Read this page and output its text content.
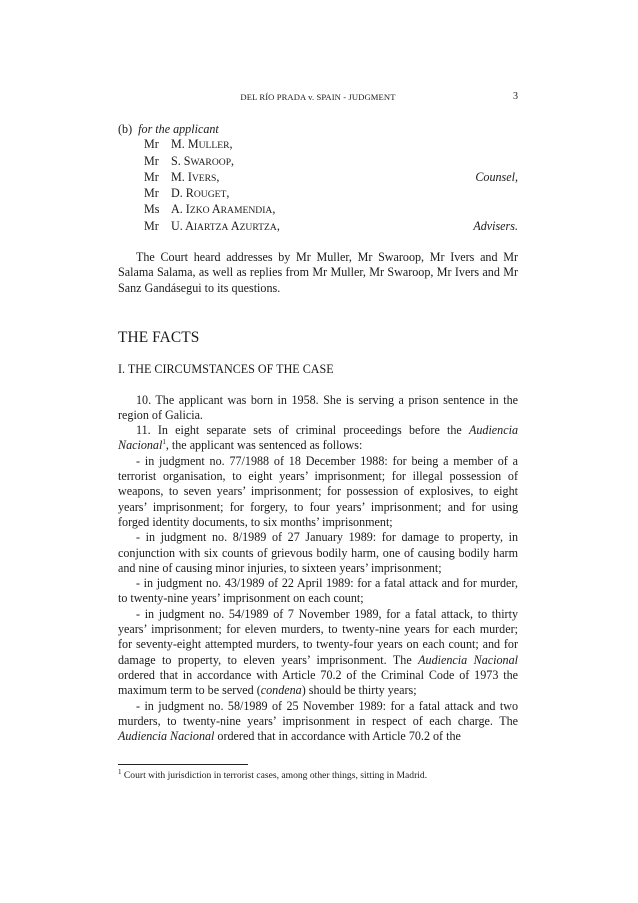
DEL RÍO PRADA v. SPAIN - JUDGMENT	3

(b) for the applicant

Mr	M. MULLER,	
Mr	S. SWAROOP,	
Mr	M. IVERS,	Counsel,
Mr	D. ROUGET,	
Ms	A. IZKO ARAMENDIA,	
Mr	U. AIARTZA AZURTZA,	Advisers.

The Court heard addresses by Mr Muller, Mr Swaroop, Mr Ivers and Mr Salama Salama, as well as replies from Mr Muller, Mr Swaroop, Mr Ivers and Mr Sanz Gandásegui to its questions.

THE FACTS
I. THE CIRCUMSTANCES OF THE CASE

10. The applicant was born in 1958. She is serving a prison sentence in the region of Galicia.

11. In eight separate sets of criminal proceedings before the Audiencia Nacional$^1$, the applicant was sentenced as follows:

- in judgment no. 77/1988 of 18 December 1988: for being a member of a terrorist organisation, to eight years’ imprisonment; for illegal possession of weapons, to seven years’ imprisonment; for possession of explosives, to eight years’ imprisonment; for forgery, to four years’ imprisonment; and for using forged identity documents, to six months’ imprisonment;

- in judgment no. 8/1989 of 27 January 1989: for damage to property, in conjunction with six counts of grievous bodily harm, one of causing bodily harm and nine of causing minor injuries, to sixteen years’ imprisonment;

- in judgment no. 43/1989 of 22 April 1989: for a fatal attack and for murder, to twenty-nine years’ imprisonment on each count;

- in judgment no. 54/1989 of 7 November 1989, for a fatal attack, to thirty years’ imprisonment; for eleven murders, to twenty-nine years for each murder; for seventy-eight attempted murders, to twenty-four years on each count; and for damage to property, to eleven years’ imprisonment. The Audiencia Nacional ordered that in accordance with Article 70.2 of the Criminal Code of 1973 the maximum term to be served (condena) should be thirty years;

- in judgment no. 58/1989 of 25 November 1989: for a fatal attack and two murders, to twenty-nine years’ imprisonment in respect of each charge. The Audiencia Nacional ordered that in accordance with Article 70.2 of the

$^1$ Court with jurisdiction in terrorist cases, among other things, sitting in Madrid.
